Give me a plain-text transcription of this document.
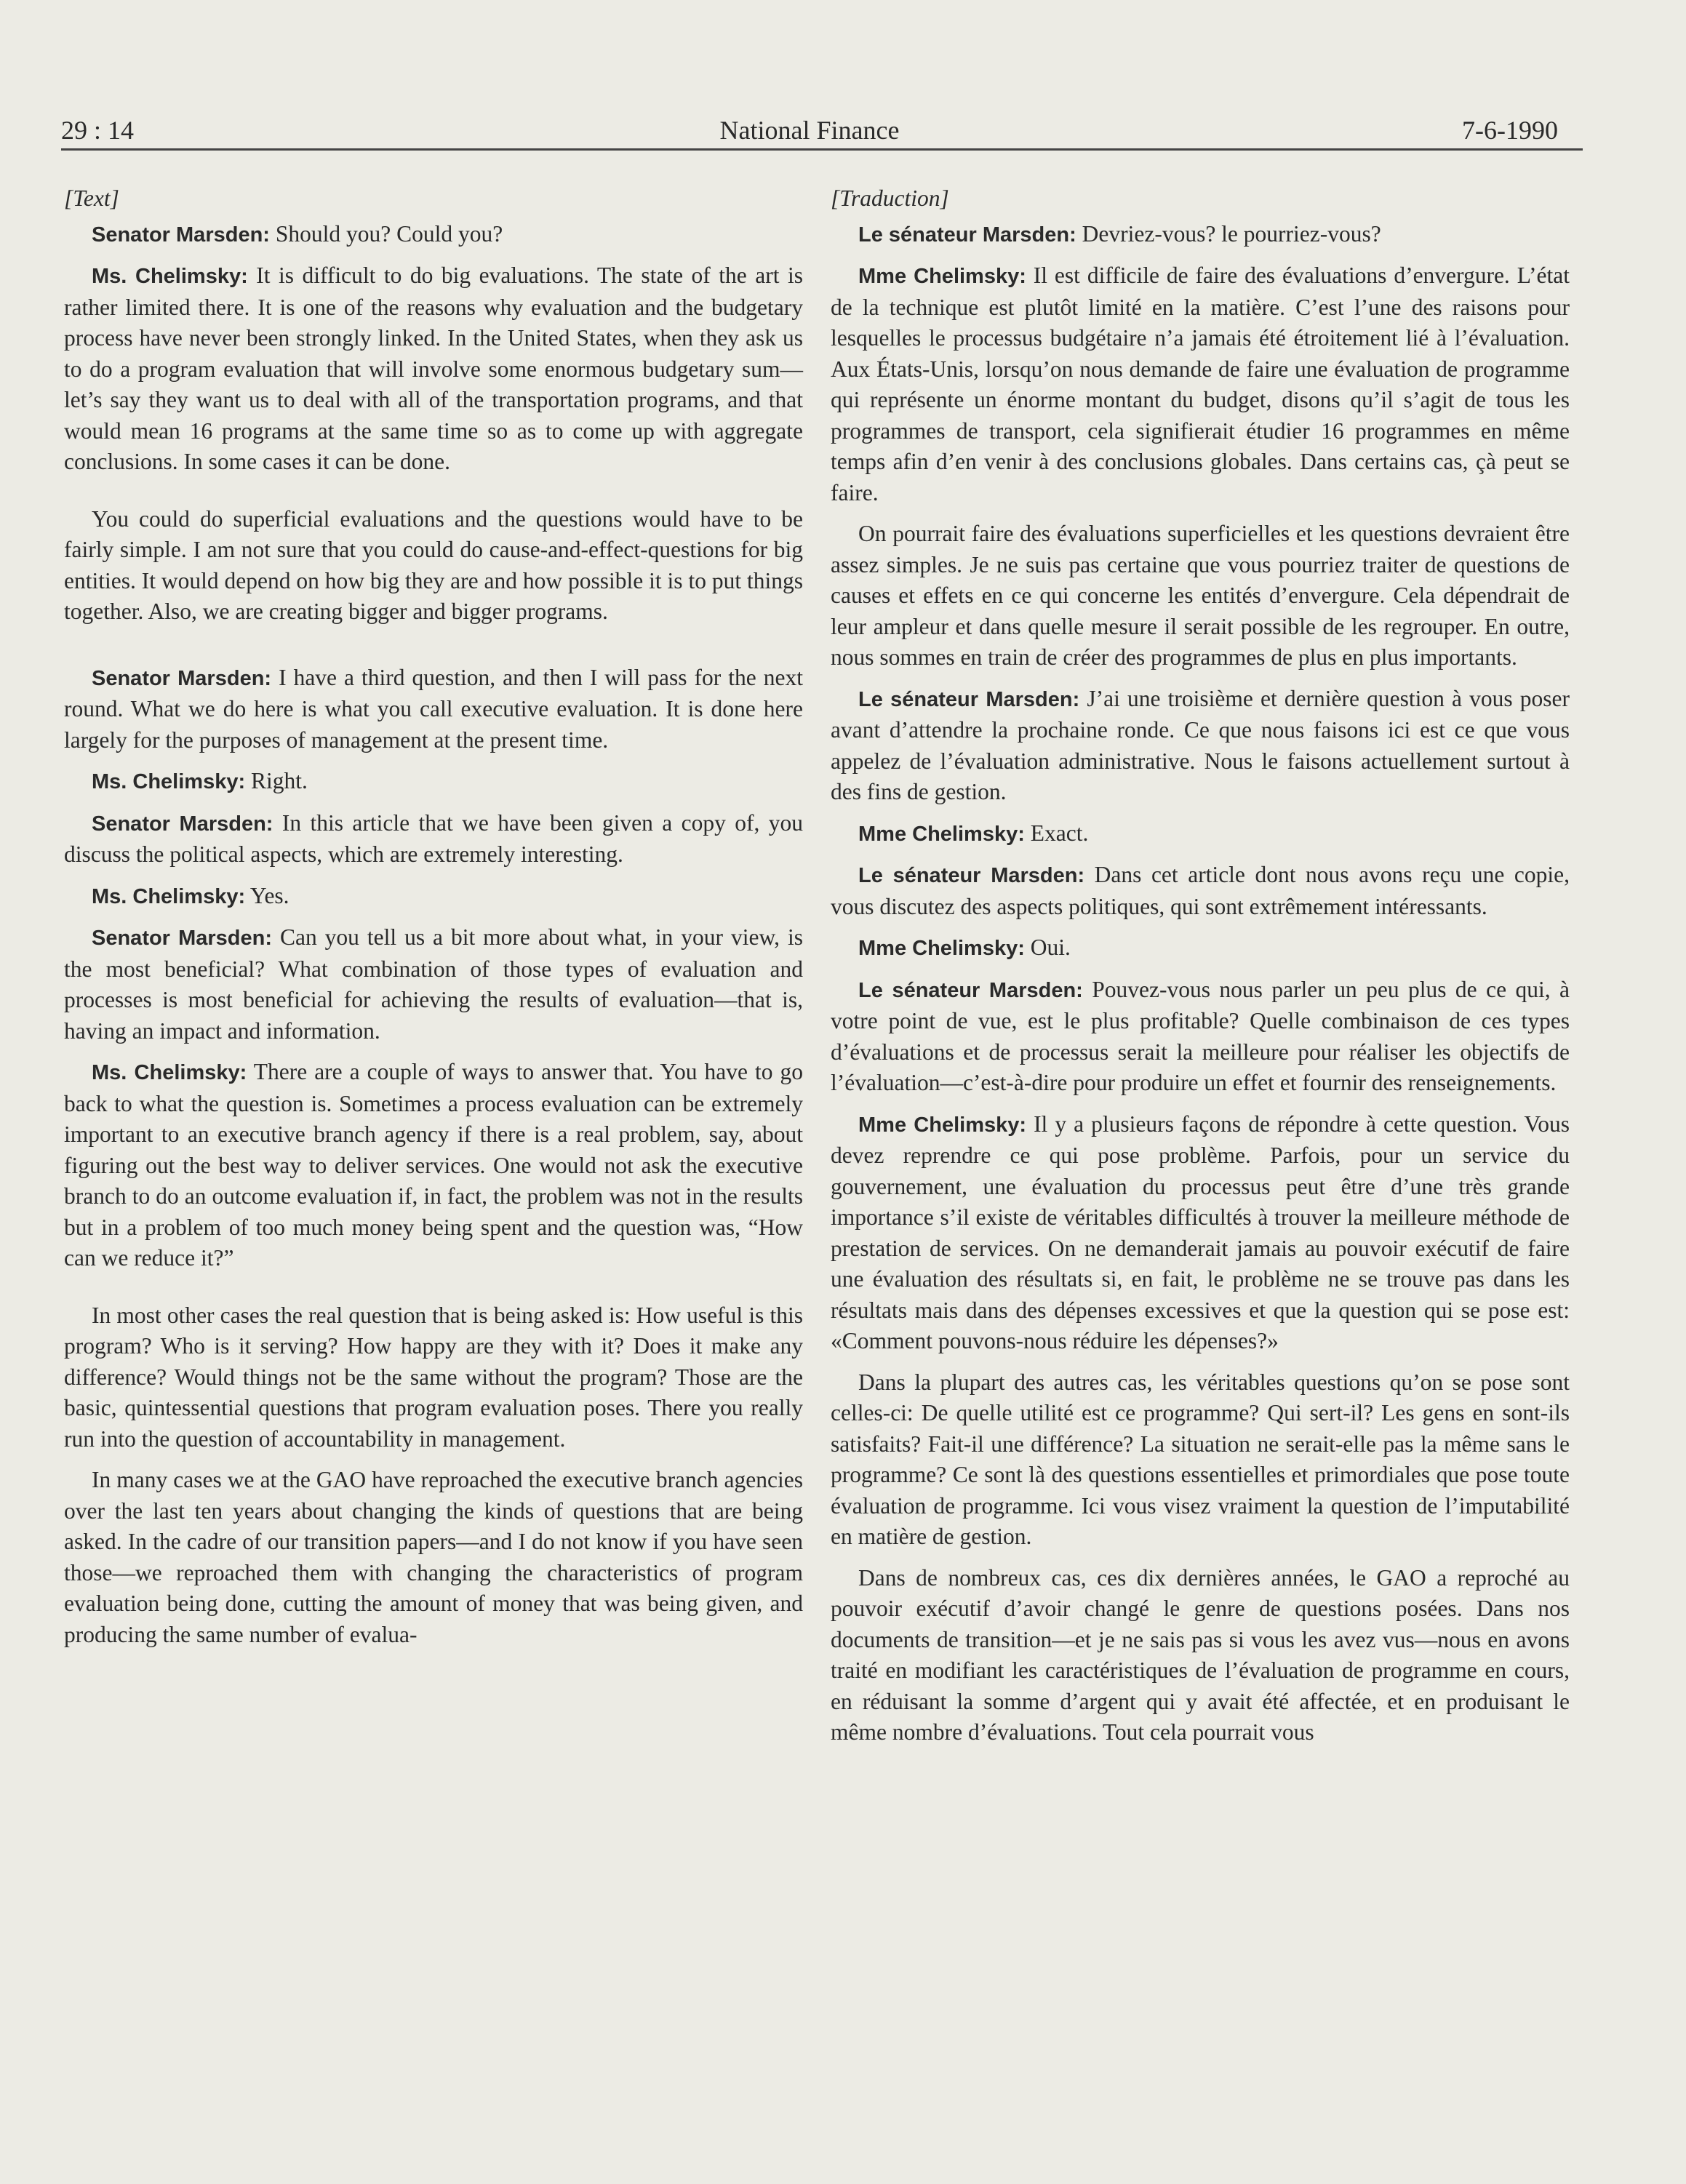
29 : 14	National Finance	7-6-1990
[Text]

Senator Marsden: Should you? Could you?

Ms. Chelimsky: It is difficult to do big evaluations. The state of the art is rather limited there. It is one of the reasons why evaluation and the budgetary process have never been strongly linked. In the United States, when they ask us to do a program evaluation that will involve some enormous budgetary sum—let’s say they want us to deal with all of the transportation programs, and that would mean 16 programs at the same time so as to come up with aggregate conclusions. In some cases it can be done.

You could do superficial evaluations and the questions would have to be fairly simple. I am not sure that you could do cause-and-effect-questions for big entities. It would depend on how big they are and how possible it is to put things together. Also, we are creating bigger and bigger programs.

Senator Marsden: I have a third question, and then I will pass for the next round. What we do here is what you call executive evaluation. It is done here largely for the purposes of management at the present time.

Ms. Chelimsky: Right.

Senator Marsden: In this article that we have been given a copy of, you discuss the political aspects, which are extremely interesting.

Ms. Chelimsky: Yes.

Senator Marsden: Can you tell us a bit more about what, in your view, is the most beneficial? What combination of those types of evaluation and processes is most beneficial for achieving the results of evaluation—that is, having an impact and information.

Ms. Chelimsky: There are a couple of ways to answer that. You have to go back to what the question is. Sometimes a process evaluation can be extremely important to an executive branch agency if there is a real problem, say, about figuring out the best way to deliver services. One would not ask the executive branch to do an outcome evaluation if, in fact, the problem was not in the results but in a problem of too much money being spent and the question was, “How can we reduce it?”

In most other cases the real question that is being asked is: How useful is this program? Who is it serving? How happy are they with it? Does it make any difference? Would things not be the same without the program? Those are the basic, quintessential questions that program evaluation poses. There you really run into the question of accountability in management.

In many cases we at the GAO have reproached the executive branch agencies over the last ten years about changing the kinds of questions that are being asked. In the cadre of our transition papers—and I do not know if you have seen those—we reproached them with changing the characteristics of program evaluation being done, cutting the amount of money that was being given, and producing the same number of evalua-

[Traduction]

Le sénateur Marsden: Devriez-vous? le pourriez-vous?

Mme Chelimsky: Il est difficile de faire des évaluations d’envergure. L’état de la technique est plutôt limité en la matière. C’est l’une des raisons pour lesquelles le processus budgétaire n’a jamais été étroitement lié à l’évaluation. Aux États-Unis, lorsqu’on nous demande de faire une évaluation de programme qui représente un énorme montant du budget, disons qu’il s’agit de tous les programmes de transport, cela signifierait étudier 16 programmes en même temps afin d’en venir à des conclusions globales. Dans certains cas, çà peut se faire.

On pourrait faire des évaluations superficielles et les questions devraient être assez simples. Je ne suis pas certaine que vous pourriez traiter de questions de causes et effets en ce qui concerne les entités d’envergure. Cela dépendrait de leur ampleur et dans quelle mesure il serait possible de les regrouper. En outre, nous sommes en train de créer des programmes de plus en plus importants.

Le sénateur Marsden: J’ai une troisième et dernière question à vous poser avant d’attendre la prochaine ronde. Ce que nous faisons ici est ce que vous appelez de l’évaluation administrative. Nous le faisons actuellement surtout à des fins de gestion.

Mme Chelimsky: Exact.

Le sénateur Marsden: Dans cet article dont nous avons reçu une copie, vous discutez des aspects politiques, qui sont extrêmement intéressants.

Mme Chelimsky: Oui.

Le sénateur Marsden: Pouvez-vous nous parler un peu plus de ce qui, à votre point de vue, est le plus profitable? Quelle combinaison de ces types d’évaluations et de processus serait la meilleure pour réaliser les objectifs de l’évaluation—c’est-à-dire pour produire un effet et fournir des renseignements.

Mme Chelimsky: Il y a plusieurs façons de répondre à cette question. Vous devez reprendre ce qui pose problème. Parfois, pour un service du gouvernement, une évaluation du processus peut être d’une très grande importance s’il existe de véritables difficultés à trouver la meilleure méthode de prestation de services. On ne demanderait jamais au pouvoir exécutif de faire une évaluation des résultats si, en fait, le problème ne se trouve pas dans les résultats mais dans des dépenses excessives et que la question qui se pose est: «Comment pouvons-nous réduire les dépenses?»

Dans la plupart des autres cas, les véritables questions qu’on se pose sont celles-ci: De quelle utilité est ce programme? Qui sert-il? Les gens en sont-ils satisfaits? Fait-il une différence? La situation ne serait-elle pas la même sans le programme? Ce sont là des questions essentielles et primordiales que pose toute évaluation de programme. Ici vous visez vraiment la question de l’imputabilité en matière de gestion.

Dans de nombreux cas, ces dix dernières années, le GAO a reproché au pouvoir exécutif d’avoir changé le genre de questions posées. Dans nos documents de transition—et je ne sais pas si vous les avez vus—nous en avons traité en modifiant les caractéristiques de l’évaluation de programme en cours, en réduisant la somme d’argent qui y avait été affectée, et en produisant le même nombre d’évaluations. Tout cela pourrait vous
